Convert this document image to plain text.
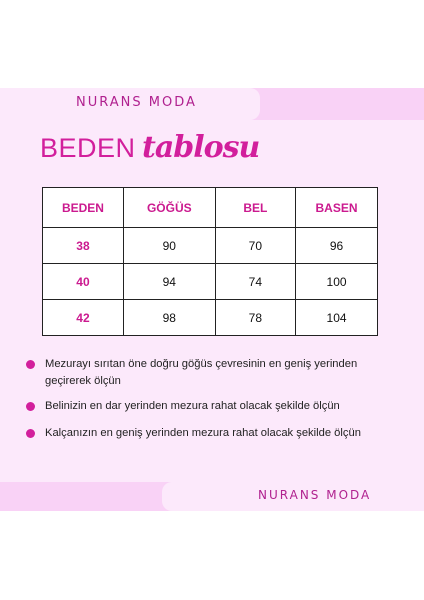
NURANS MODA
BEDEN tablosu
BEDEN	GÖĞÜS	BEL	BASEN
38	90	70	96
40	94	74	100
42	98	78	104
Mezurayı sırıtan öne doğru göğüs çevresinin en geniş yerinden geçirerek ölçün
Belinizin en dar yerinden mezura rahat olacak şekilde ölçün
Kalçanızın en geniş yerinden mezura rahat olacak şekilde ölçün
NURANS MODA
